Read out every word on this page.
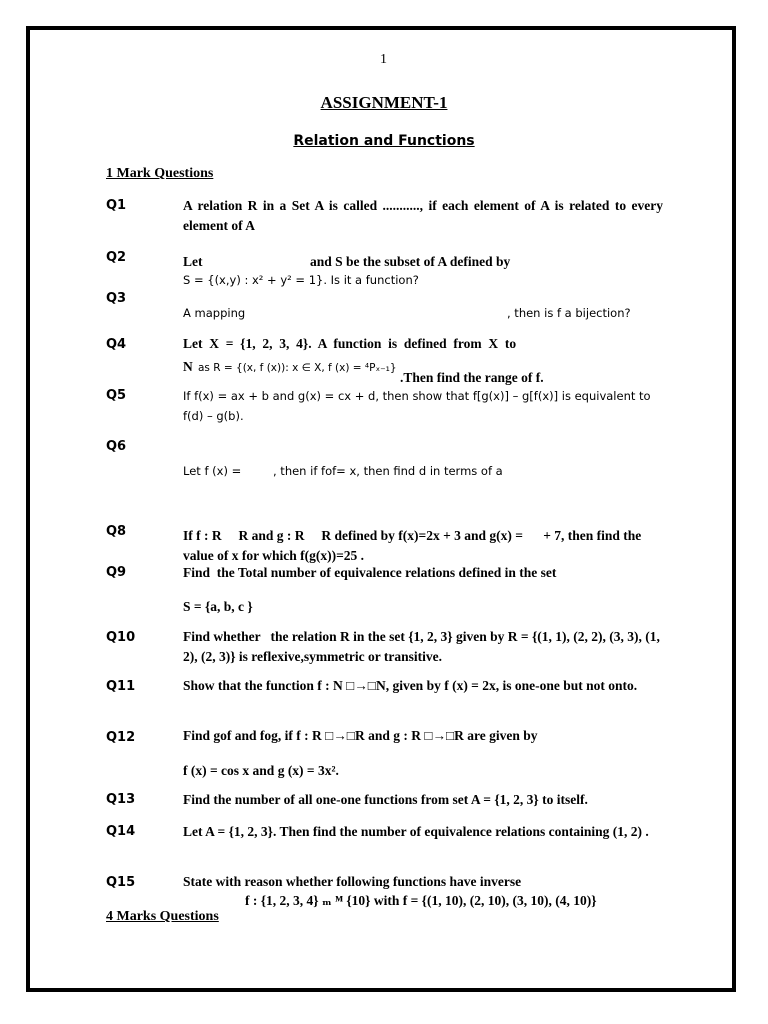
1
ASSIGNMENT-1
Relation and Functions
1 Mark Questions
Q1	A relation R in a Set A is called ..........., if each element of A is related to every element of A
Q2	Let	and S be the subset of A defined by
S = {(x,y) : x² + y² = 1}. Is it a function?
Q3
A mapping	, then is f a bijection?
Q4	Let  X  =  {1,  2,  3,  4}.  A  function  is  defined  from  X  to
N as R = {(x, f (x)): x ∈ X, f (x) = ⁴Pₓ₋₁}
.Then find the range of f.
Q5	If f(x) = ax + b and g(x) = cx + d, then show that f[g(x)] – g[f(x)] is equivalent to f(d) – g(b).
Q6
Let f (x) =	, then if fof= x, then find d in terms of a
Q8	If f : R     R and g : R     R defined by f(x)=2x + 3 and g(x) =      + 7, then find the value of x for which f(g(x))=25 .
Q9	Find  the Total number of equivalence relations defined in the set
S = {a, b, c }
Q10	Find whether   the relation R in the set {1, 2, 3} given by R = {(1, 1), (2, 2), (3, 3), (1, 2), (2, 3)} is reflexive,symmetric or transitive.
Q11	Show that the function f : N □→□N, given by f (x) = 2x, is one-one but not onto.
Q12	Find gof and fog, if f : R □→□R and g : R □→□R are given by
f (x) = cos x and g (x) = 3x².
Q13	Find the number of all one-one functions from set A = {1, 2, 3} to itself.
Q14	Let A = {1, 2, 3}. Then find the number of equivalence relations containing (1, 2) .
Q15	State with reason whether following functions have inverse
f : {1, 2, 3, 4} ₘ ᴹ {10} with f = {(1, 10), (2, 10), (3, 10), (4, 10)}
4 Marks Questions
